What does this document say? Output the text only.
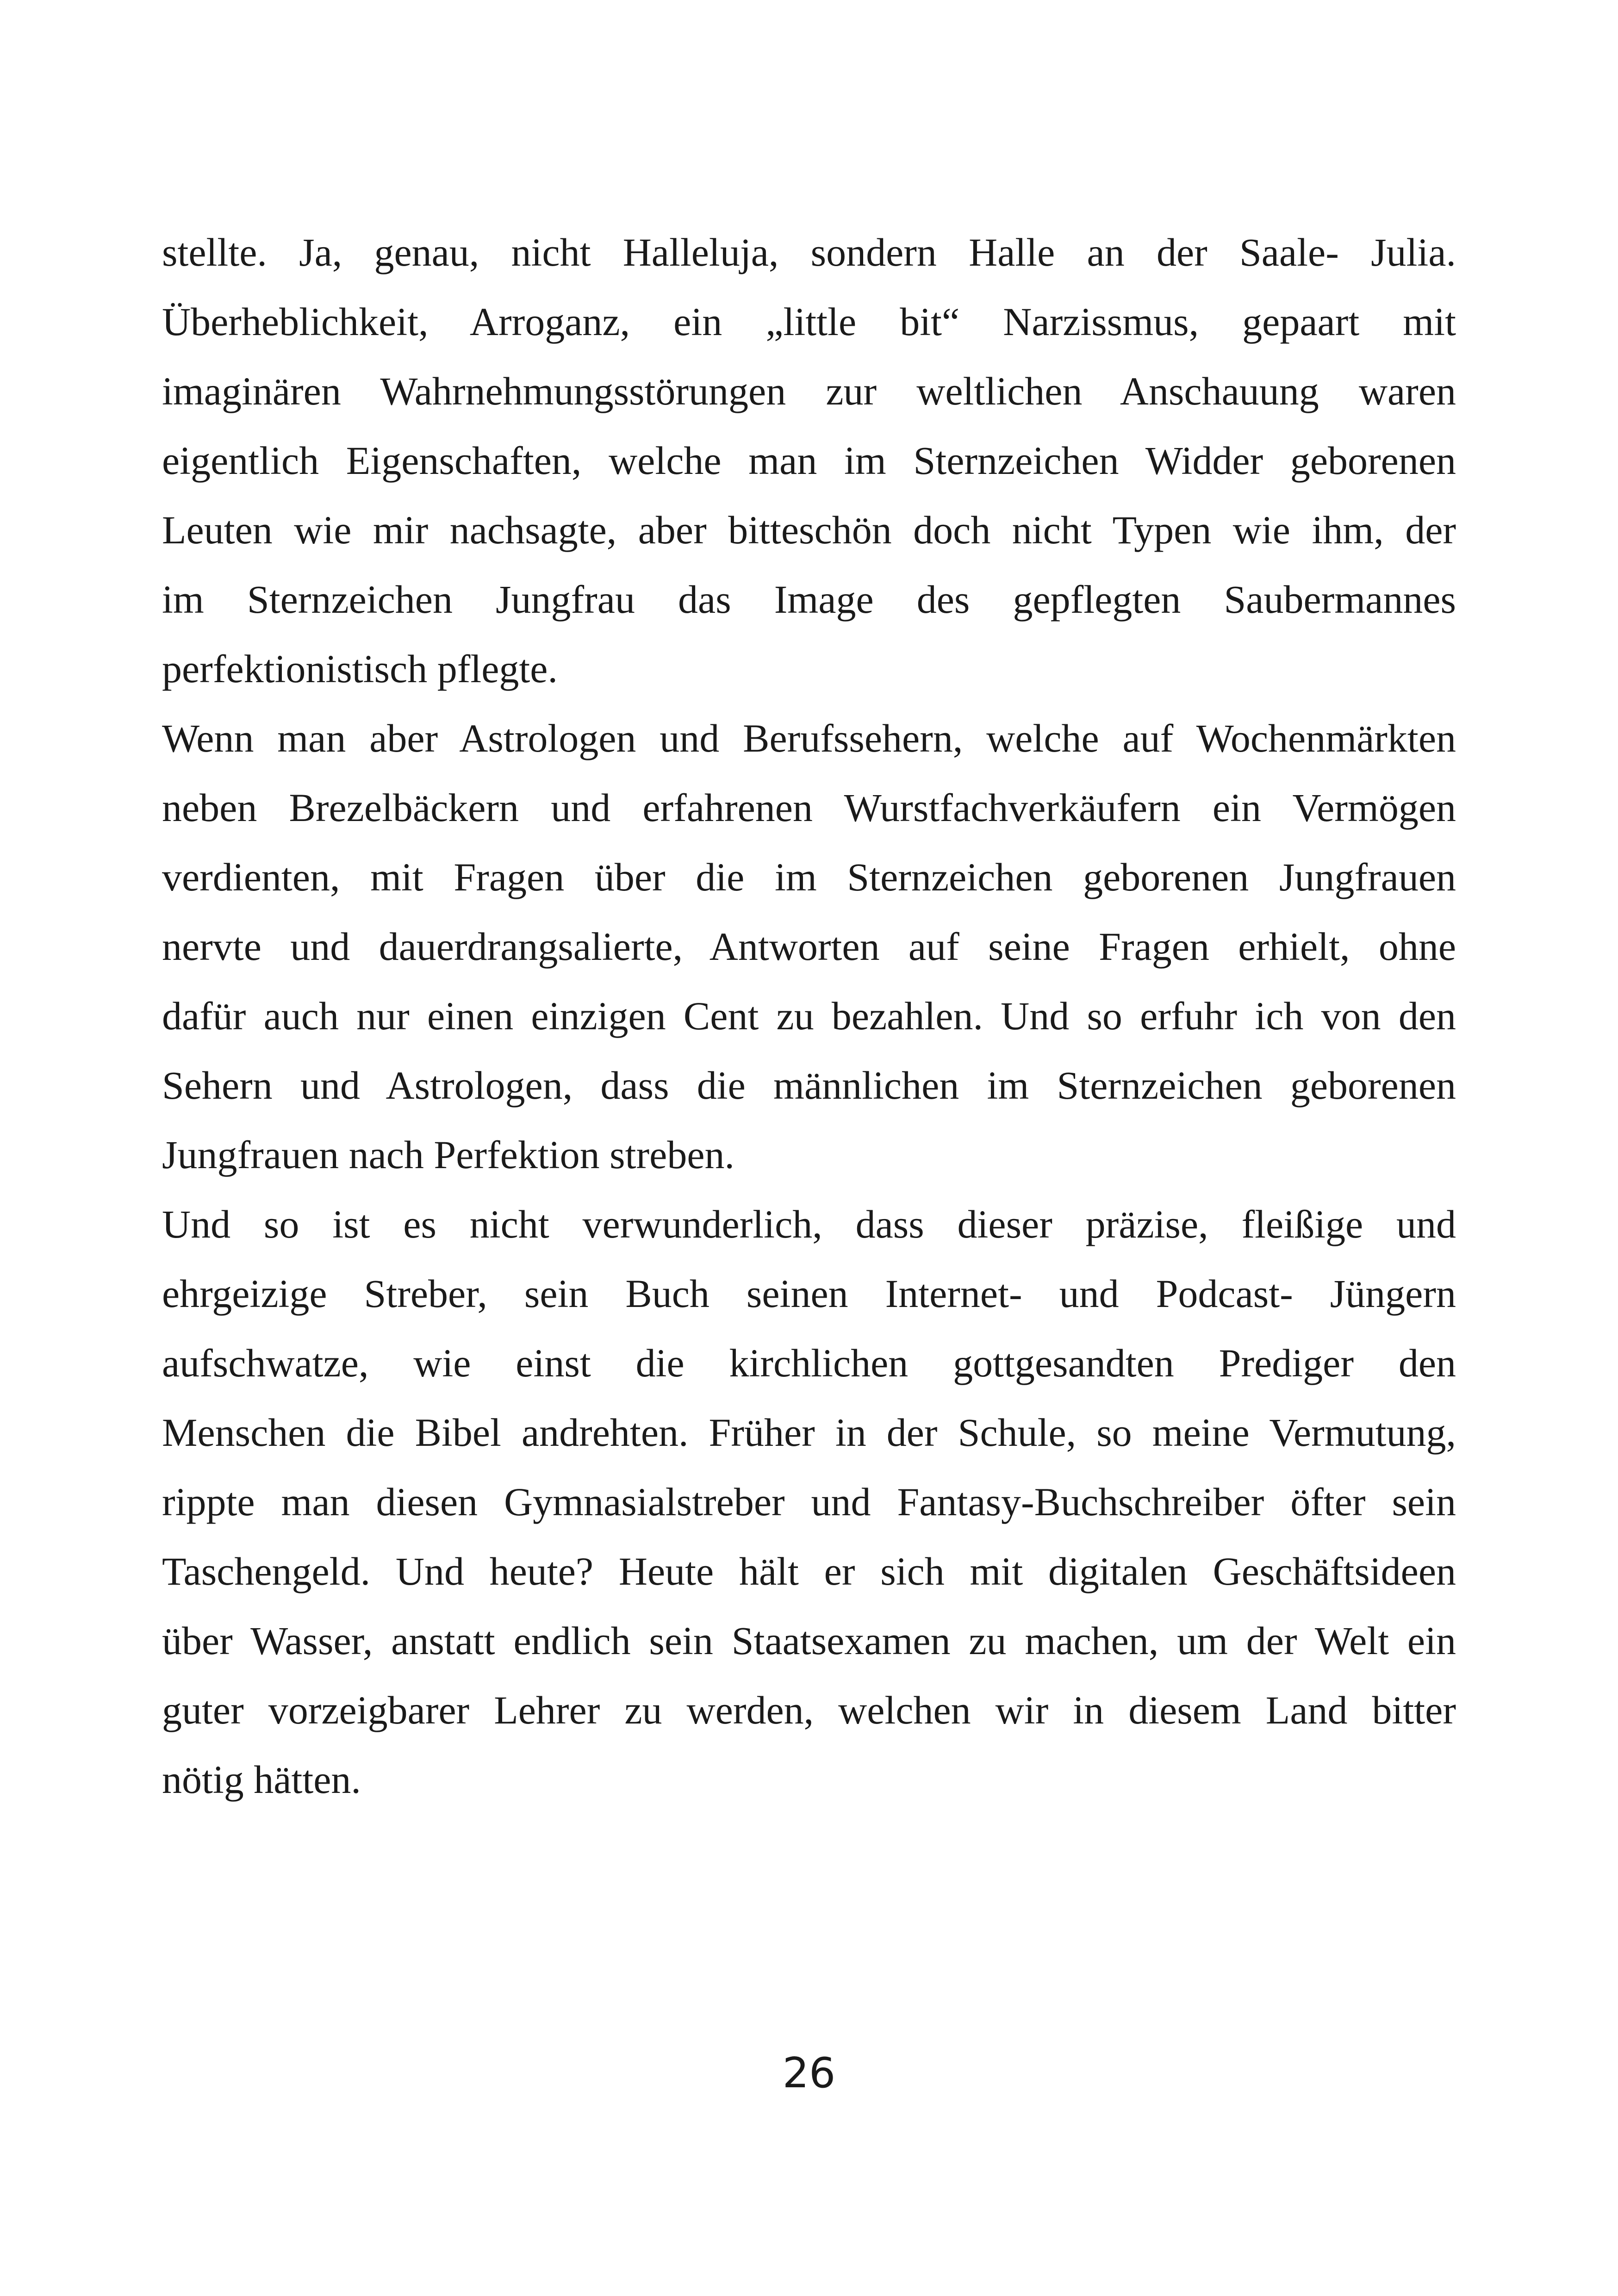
stellte. Ja, genau, nicht Halleluja, sondern Halle an der Saale- Julia.
Überheblichkeit, Arroganz, ein „little bit“ Narzissmus, gepaart mit
imaginären Wahrnehmungsstörungen zur weltlichen Anschauung waren
eigentlich Eigenschaften, welche man im Sternzeichen Widder geborenen
Leuten wie mir nachsagte, aber bitteschön doch nicht Typen wie ihm, der
im Sternzeichen Jungfrau das Image des gepflegten Saubermannes
perfektionistisch pflegte.
Wenn man aber Astrologen und Berufssehern, welche auf Wochenmärkten
neben Brezelbäckern und erfahrenen Wurstfachverkäufern ein Vermögen
verdienten, mit Fragen über die im Sternzeichen geborenen Jungfrauen
nervte und dauerdrangsalierte, Antworten auf seine Fragen erhielt, ohne
dafür auch nur einen einzigen Cent zu bezahlen. Und so erfuhr ich von den
Sehern und Astrologen, dass die männlichen im Sternzeichen geborenen
Jungfrauen nach Perfektion streben.
Und so ist es nicht verwunderlich, dass dieser präzise, fleißige und
ehrgeizige Streber, sein Buch seinen Internet- und Podcast- Jüngern
aufschwatze, wie einst die kirchlichen gottgesandten Prediger den
Menschen die Bibel andrehten. Früher in der Schule, so meine Vermutung,
rippte man diesen Gymnasialstreber und Fantasy-Buchschreiber öfter sein
Taschengeld. Und heute? Heute hält er sich mit digitalen Geschäftsideen
über Wasser, anstatt endlich sein Staatsexamen zu machen, um der Welt ein
guter vorzeigbarer Lehrer zu werden, welchen wir in diesem Land bitter
nötig hätten.
26
